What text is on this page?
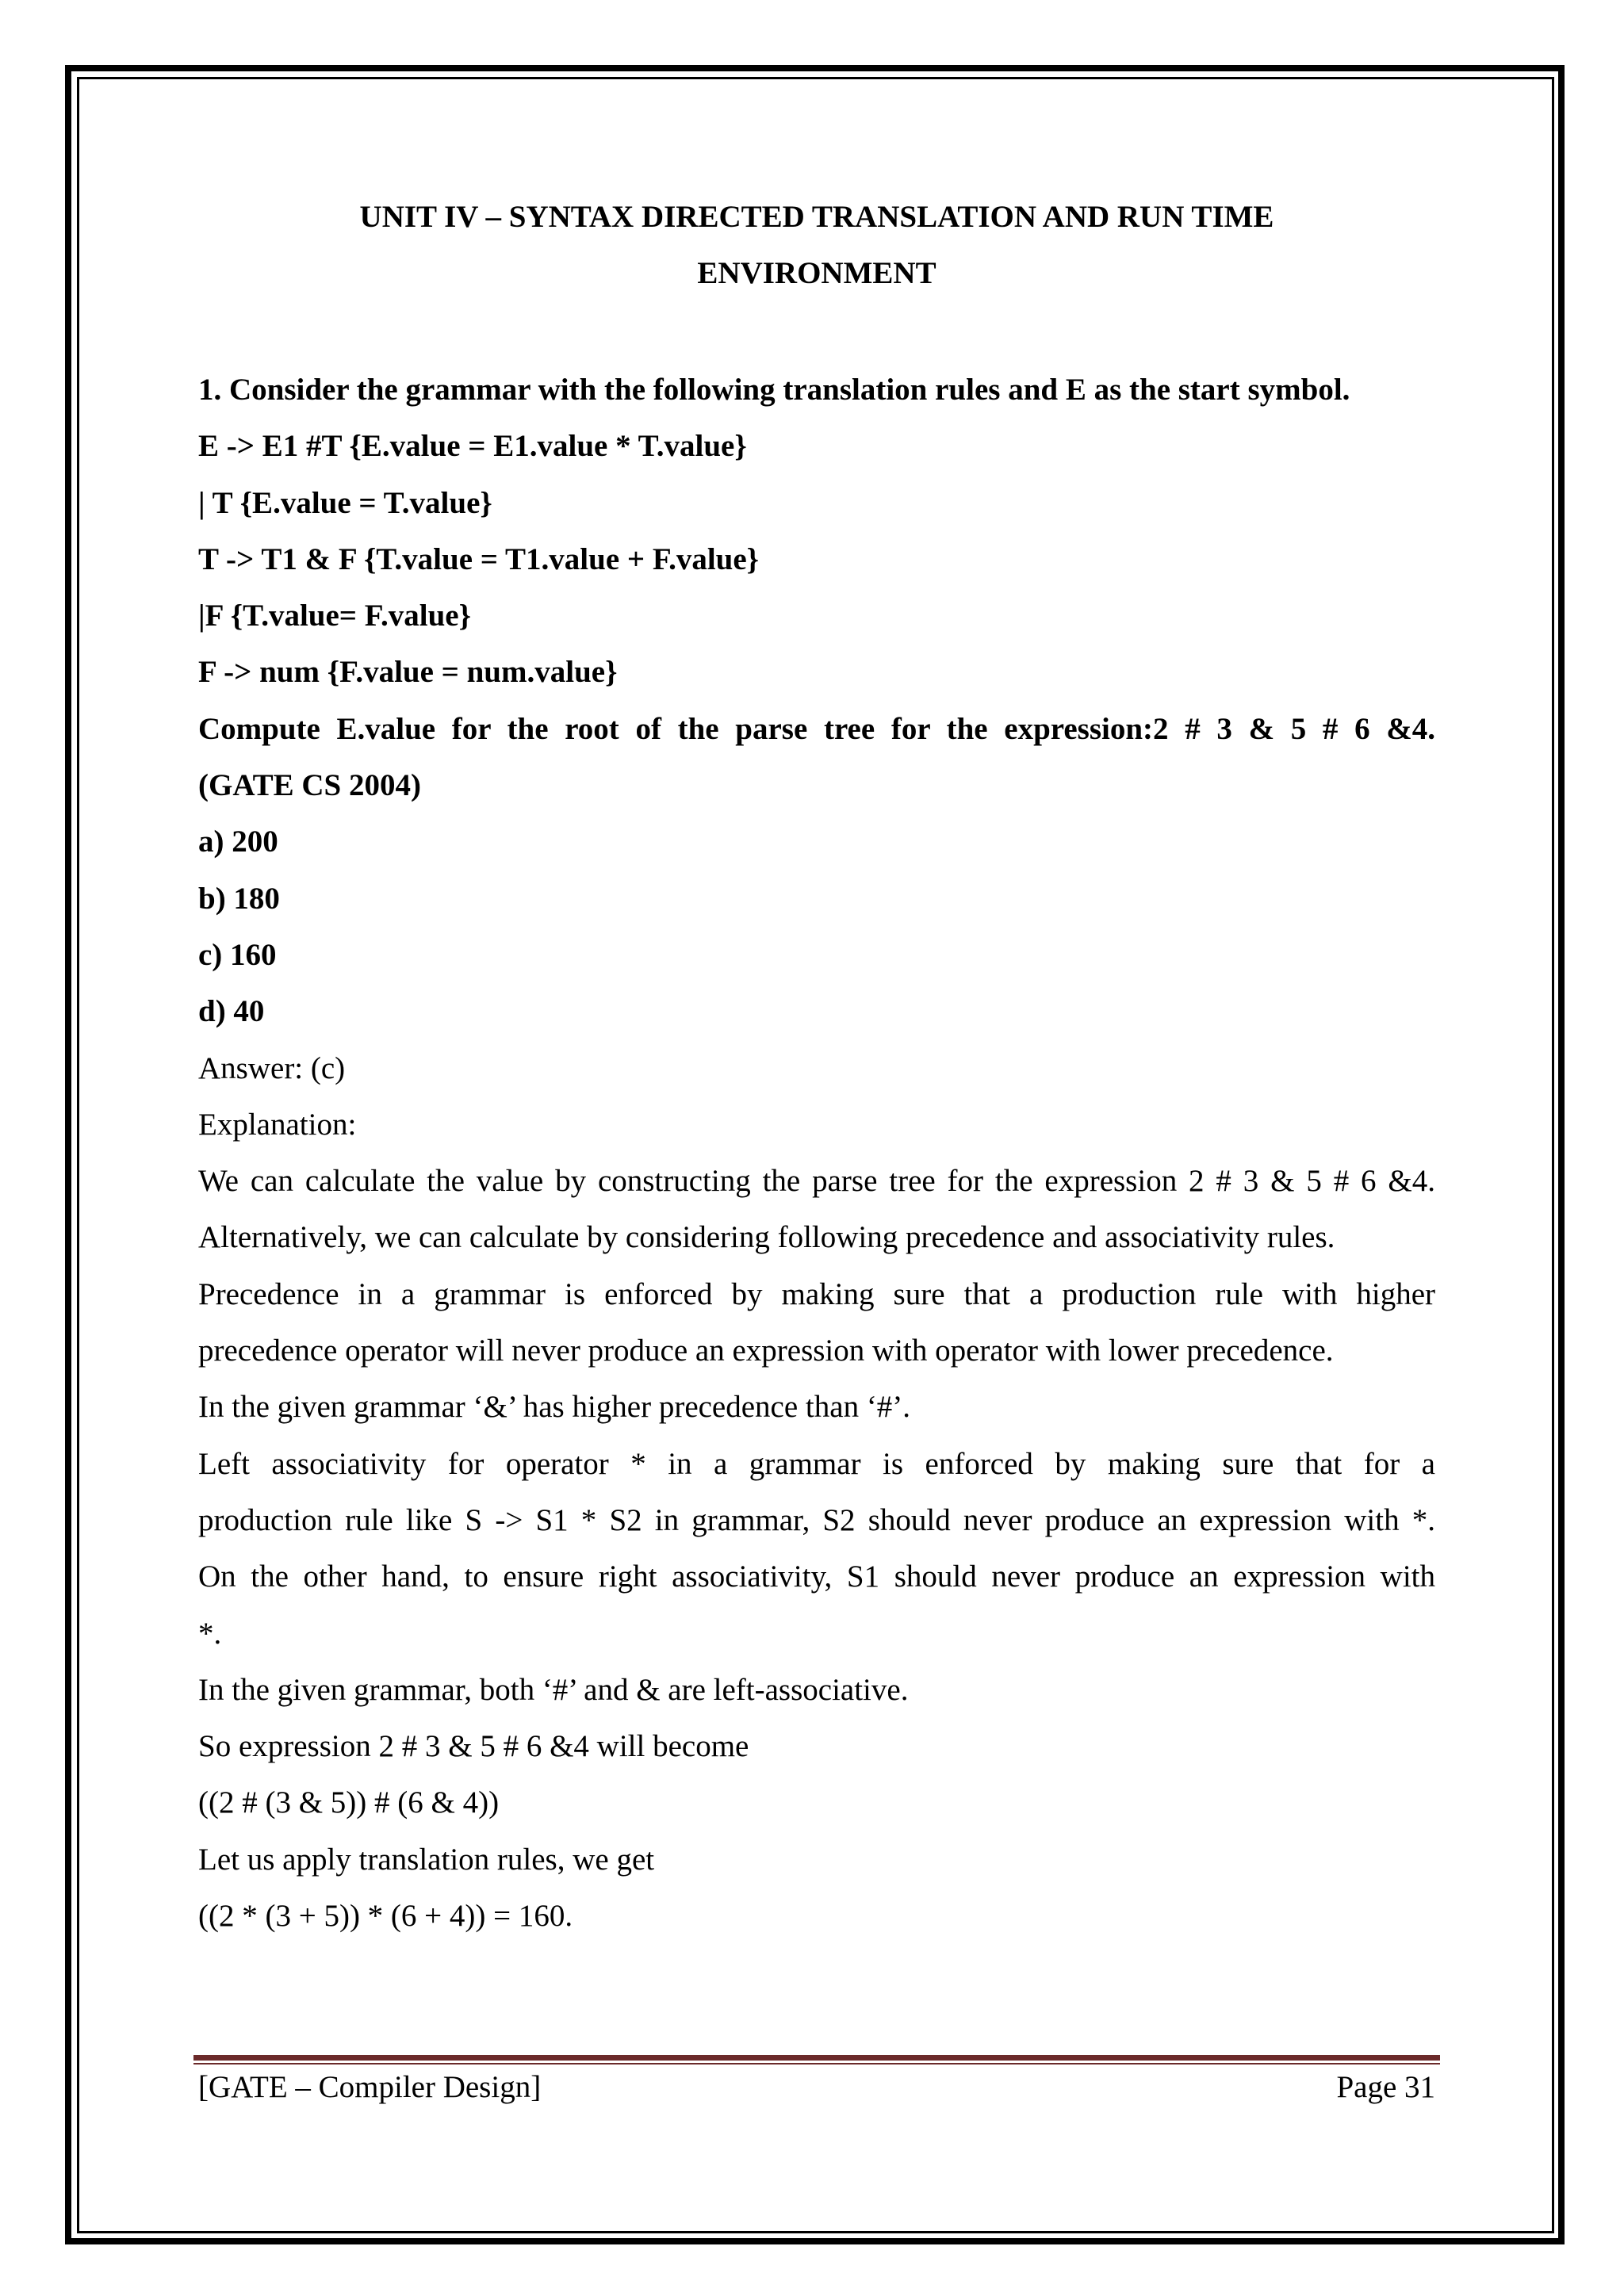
UNIT IV – SYNTAX DIRECTED TRANSLATION AND RUN TIME
ENVIRONMENT
1. Consider the grammar with the following translation rules and E as the start symbol.
E -> E1 #T {E.value = E1.value * T.value}
| T {E.value = T.value}
T -> T1 & F {T.value = T1.value + F.value}
|F {T.value= F.value}
F -> num {F.value = num.value}
Compute E.value for the root of the parse tree for the expression:2 # 3 & 5 # 6 &4.
(GATE CS 2004)
a) 200
b) 180
c) 160
d) 40
Answer: (c)
Explanation:
We can calculate the value by constructing the parse tree for the expression 2 # 3 & 5 # 6 &4.
Alternatively, we can calculate by considering following precedence and associativity rules.
Precedence in a grammar is enforced by making sure that a production rule with higher
precedence operator will never produce an expression with operator with lower precedence.
In the given grammar ‘&’ has higher precedence than ‘#’.
Left associativity for operator * in a grammar is enforced by making sure that for a
production rule like S -> S1 * S2 in grammar, S2 should never produce an expression with *.
On the other hand, to ensure right associativity, S1 should never produce an expression with
*.
In the given grammar, both ‘#’ and & are left-associative.
So expression 2 # 3 & 5 # 6 &4 will become
((2 # (3 & 5)) # (6 & 4))
Let us apply translation rules, we get
((2 * (3 + 5)) * (6 + 4)) = 160.
[GATE – Compiler Design]	Page 31
